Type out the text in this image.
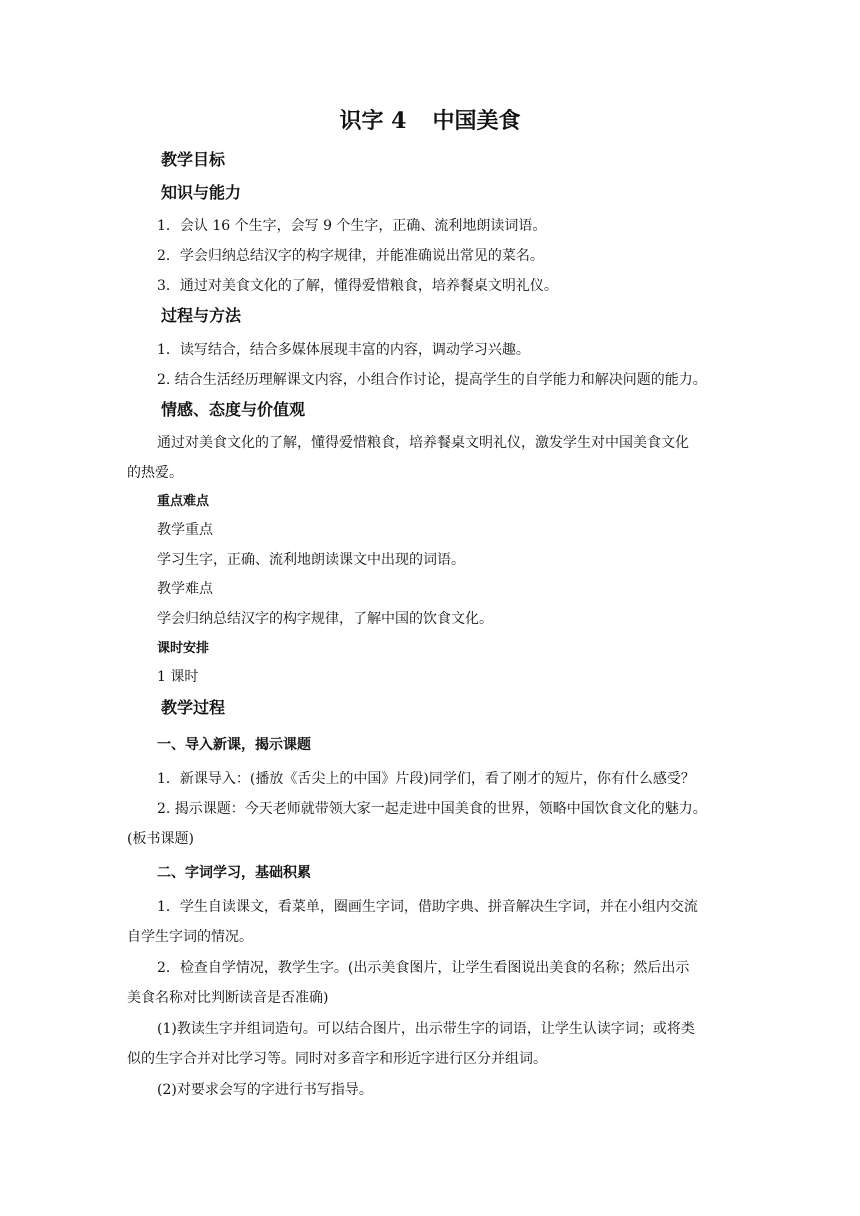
识字 4 中国美食
教学目标
知识与能力
1．会认 16 个生字，会写 9 个生字，正确、流利地朗读词语。
2．学会归纳总结汉字的构字规律，并能准确说出常见的菜名。
3．通过对美食文化的了解，懂得爱惜粮食，培养餐桌文明礼仪。
过程与方法
1．读写结合，结合多媒体展现丰富的内容，调动学习兴趣。
2. 结合生活经历理解课文内容，小组合作讨论，提高学生的自学能力和解决问题的能力。
情感、态度与价值观
通过对美食文化的了解，懂得爱惜粮食，培养餐桌文明礼仪，激发学生对中国美食文化
的热爱。
重点难点
教学重点
学习生字，正确、流利地朗读课文中出现的词语。
教学难点
学会归纳总结汉字的构字规律，了解中国的饮食文化。
课时安排
1 课时
教学过程
一、导入新课，揭示课题
1．新课导入：(播放《舌尖上的中国》片段)同学们，看了刚才的短片，你有什么感受？
2. 揭示课题：今天老师就带领大家一起走进中国美食的世界，领略中国饮食文化的魅力。
(板书课题)
二、字词学习，基础积累
1．学生自读课文，看菜单，圈画生字词，借助字典、拼音解决生字词，并在小组内交流
自学生字词的情况。
2．检查自学情况，教学生字。(出示美食图片，让学生看图说出美食的名称；然后出示
美食名称对比判断读音是否准确)
(1)教读生字并组词造句。可以结合图片，出示带生字的词语，让学生认读字词；或将类
似的生字合并对比学习等。同时对多音字和形近字进行区分并组词。
(2)对要求会写的字进行书写指导。
